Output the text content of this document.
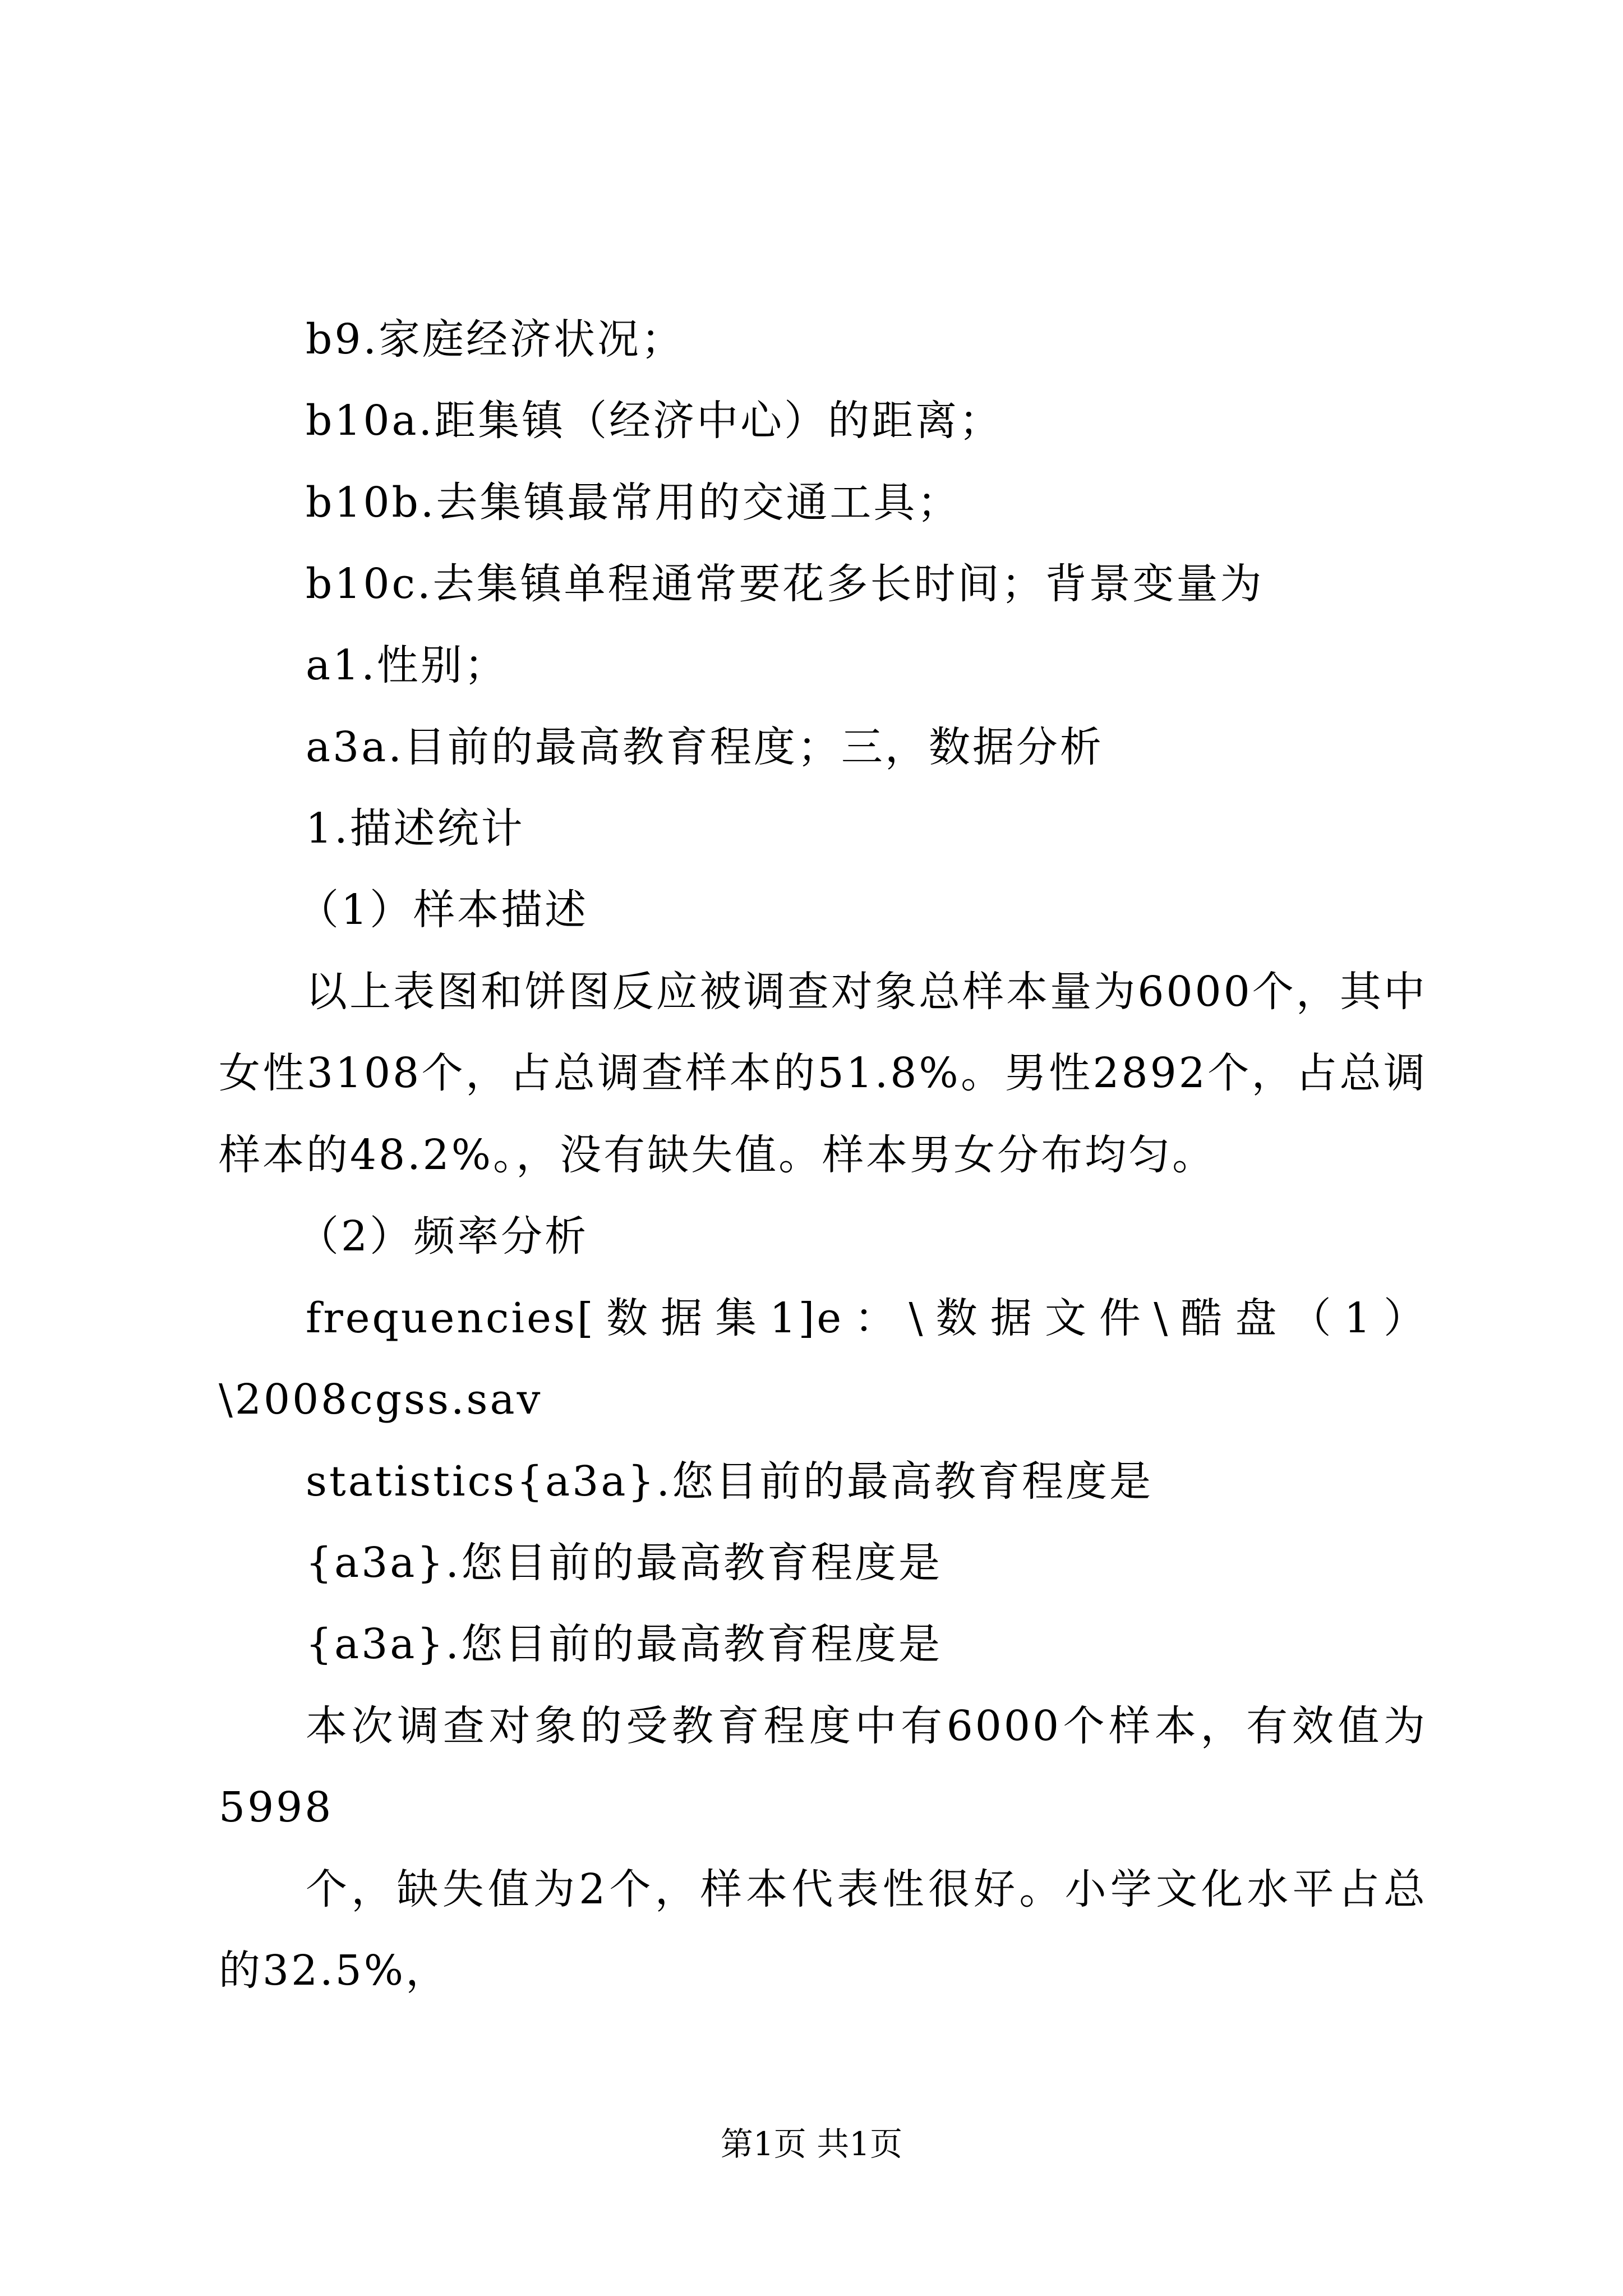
b9.家庭经济状况；
b10a.距集镇（经济中心）的距离；
b10b.去集镇最常用的交通工具；
b10c.去集镇单程通常要花多长时间；背景变量为
a1.性别；
a3a.目前的最高教育程度；三，数据分析
1.描述统计
（1）样本描述
以上表图和饼图反应被调查对象总样本量为6000个，其中
女性3108个，占总调查样本的51.8%。男性2892个，占总调
样本的48.2%。，没有缺失值。样本男女分布均匀。
（2）频率分析
frequencies[数据集1]e：\数据文件\酷盘（1）
\2008cgss.sav
statistics{a3a}.您目前的最高教育程度是
{a3a}.您目前的最高教育程度是
{a3a}.您目前的最高教育程度是
本次调查对象的受教育程度中有6000个样本，有效值为
5998
个，缺失值为2个，样本代表性很好。小学文化水平占总
的32.5%，
第1页 共1页
